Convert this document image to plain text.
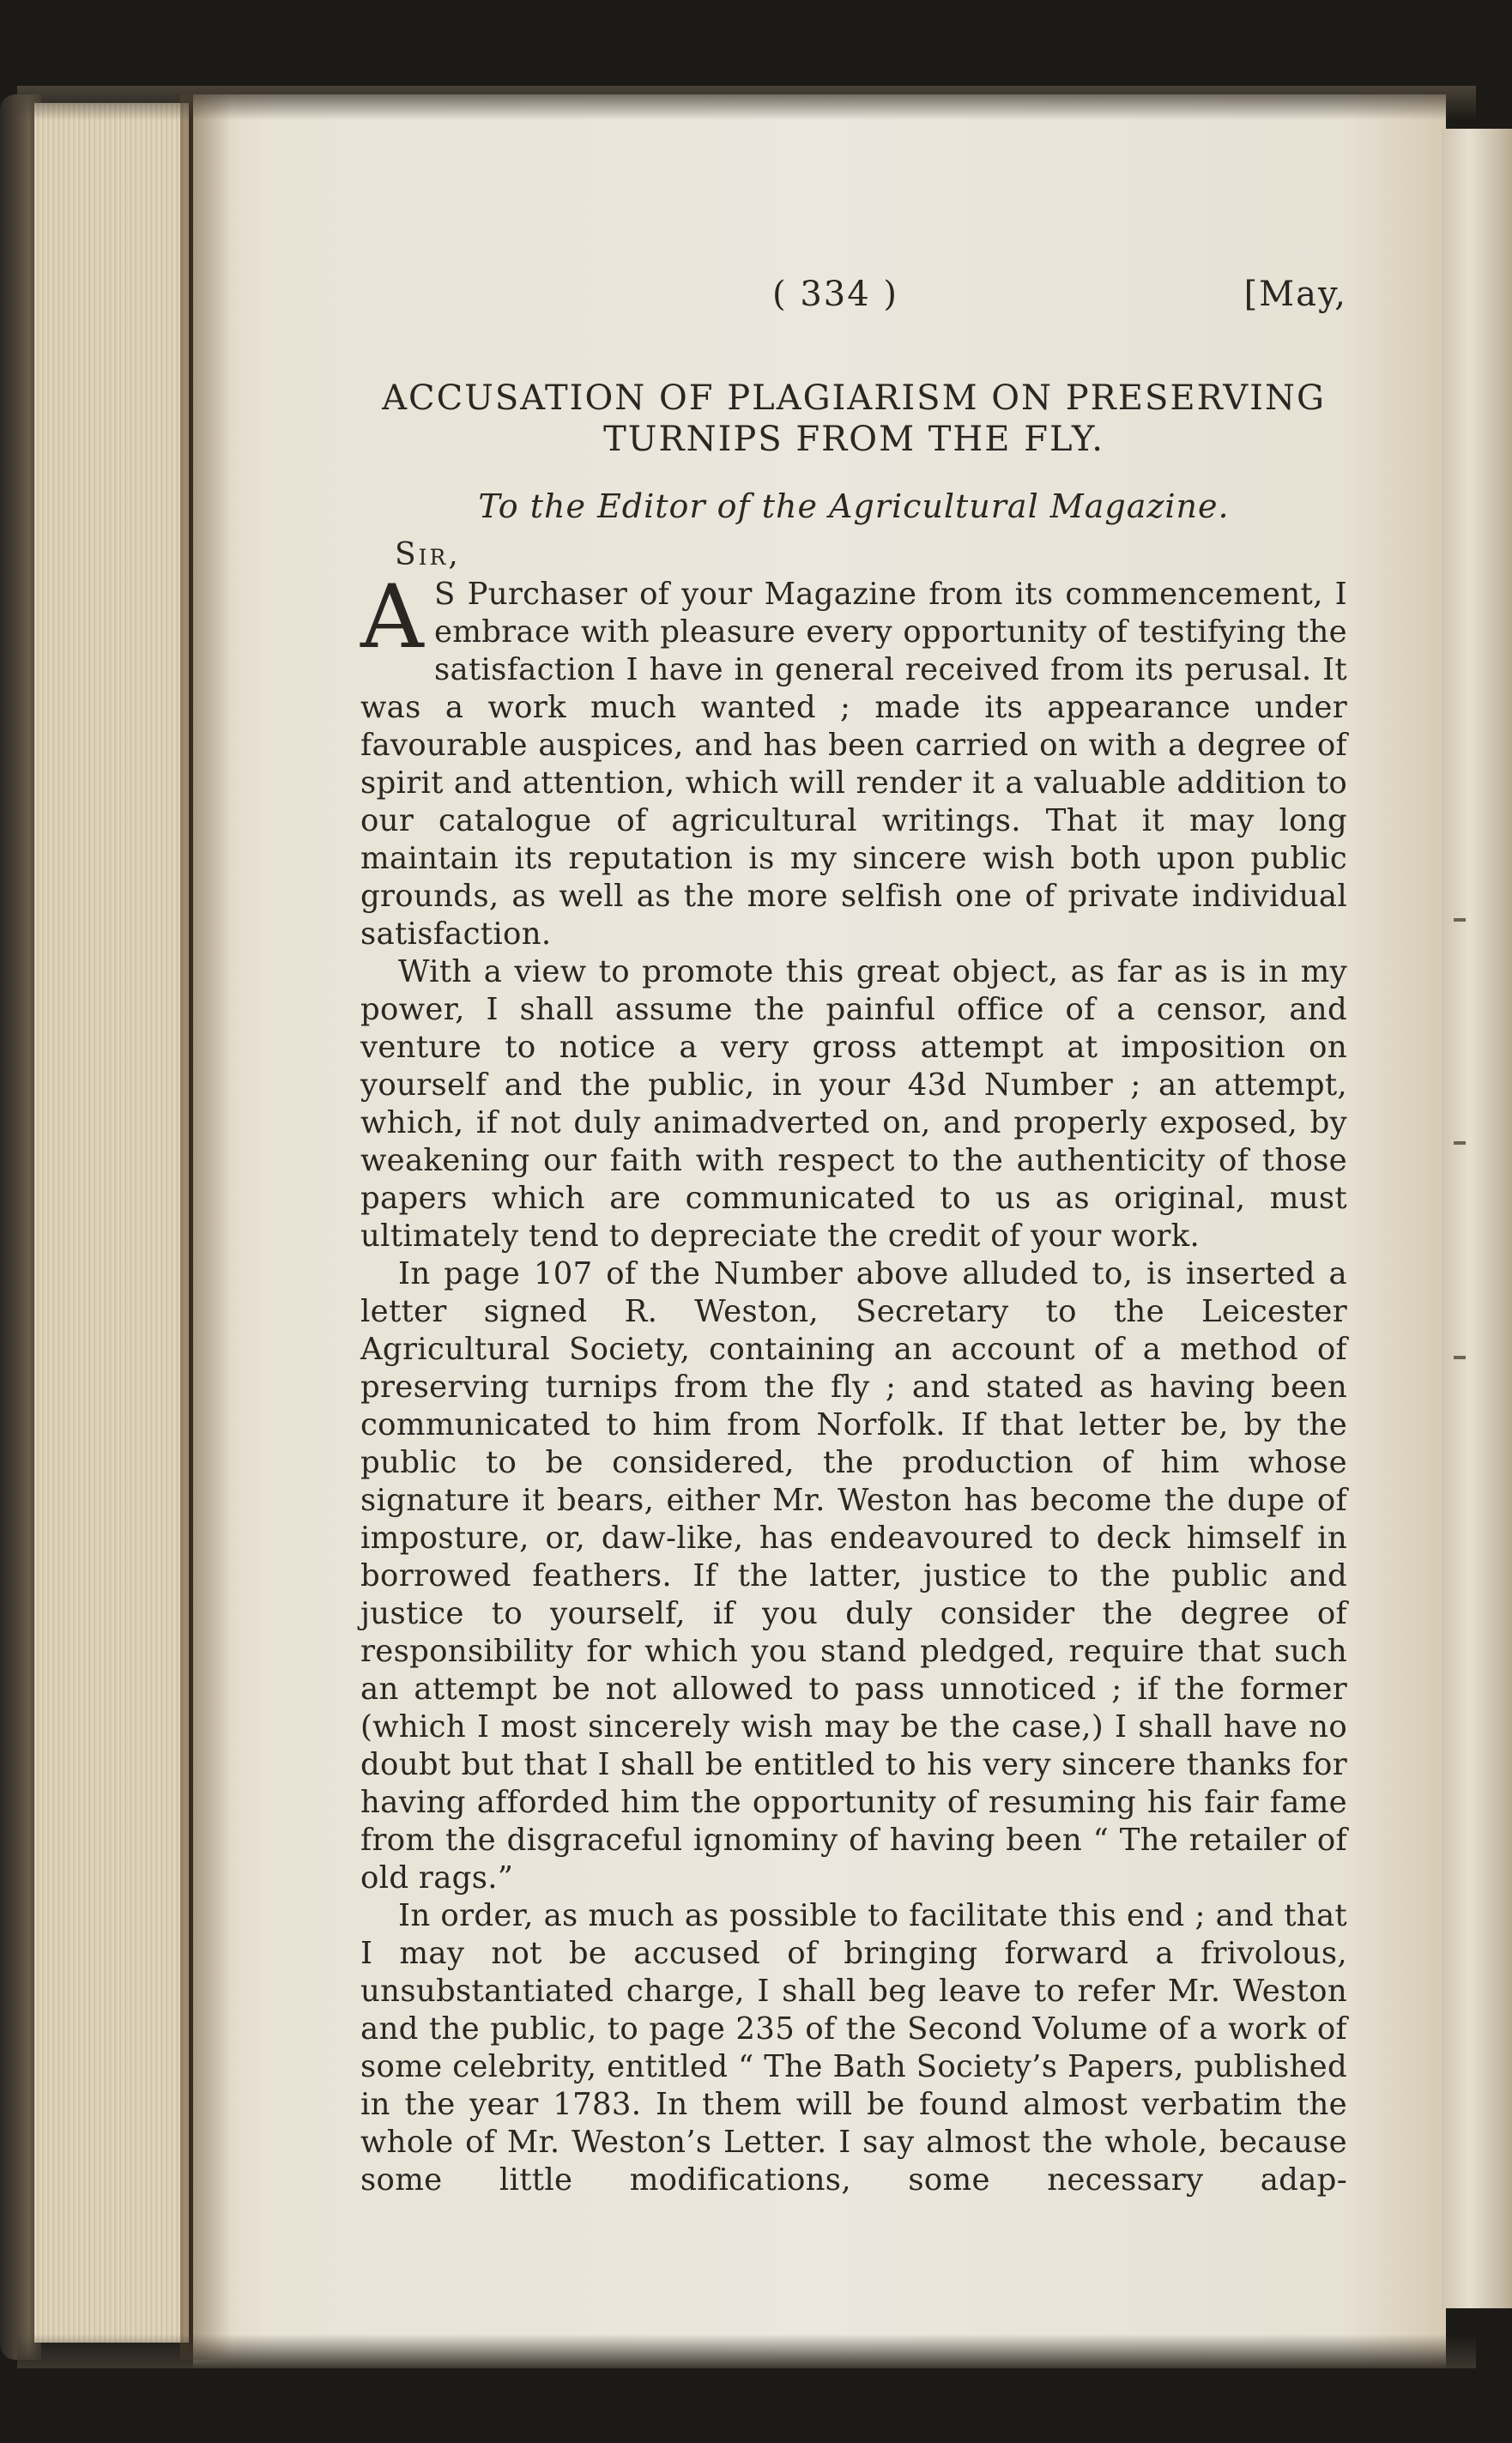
( 334 )	[May,
ACCUSATION OF PLAGIARISM ON PRESERVING TURNIPS FROM THE FLY.
To the Editor of the Agricultural Magazine.
Sir,

A S Purchaser of your Magazine from its commencement, I embrace with pleasure every opportunity of testifying the satisfaction I have in general received from its perusal. It was a work much wanted ; made its appearance under favourable auspices, and has been carried on with a degree of spirit and attention, which will render it a valuable addition to our catalogue of agricultural writings. That it may long maintain its reputation is my sincere wish both upon public grounds, as well as the more selfish one of private individual satisfaction.

With a view to promote this great object, as far as is in my power, I shall assume the painful office of a censor, and venture to notice a very gross attempt at imposition on yourself and the public, in your 43d Number ; an attempt, which, if not duly animadverted on, and properly exposed, by weakening our faith with respect to the authenticity of those papers which are communicated to us as original, must ultimately tend to depreciate the credit of your work.

In page 107 of the Number above alluded to, is inserted a letter signed R. Weston, Secretary to the Leicester Agricultural Society, containing an account of a method of preserving turnips from the fly ; and stated as having been communicated to him from Norfolk. If that letter be, by the public to be considered, the production of him whose signature it bears, either Mr. Weston has become the dupe of imposture, or, daw-like, has endeavoured to deck himself in borrowed feathers. If the latter, justice to the public and justice to yourself, if you duly consider the degree of responsibility for which you stand pledged, require that such an attempt be not allowed to pass unnoticed ; if the former (which I most sincerely wish may be the case,) I shall have no doubt but that I shall be entitled to his very sincere thanks for having afforded him the opportunity of resuming his fair fame from the disgraceful ignominy of having been “ The retailer of old rags.”

In order, as much as possible to facilitate this end ; and that I may not be accused of bringing forward a frivolous, unsubstantiated charge, I shall beg leave to refer Mr. Weston and the public, to page 235 of the Second Volume of a work of some celebrity, entitled “ The Bath Society’s Papers, published in the year 1783. In them will be found almost verbatim the whole of Mr. Weston’s Letter. I say almost the whole, because some little modifications, some necessary adap-
